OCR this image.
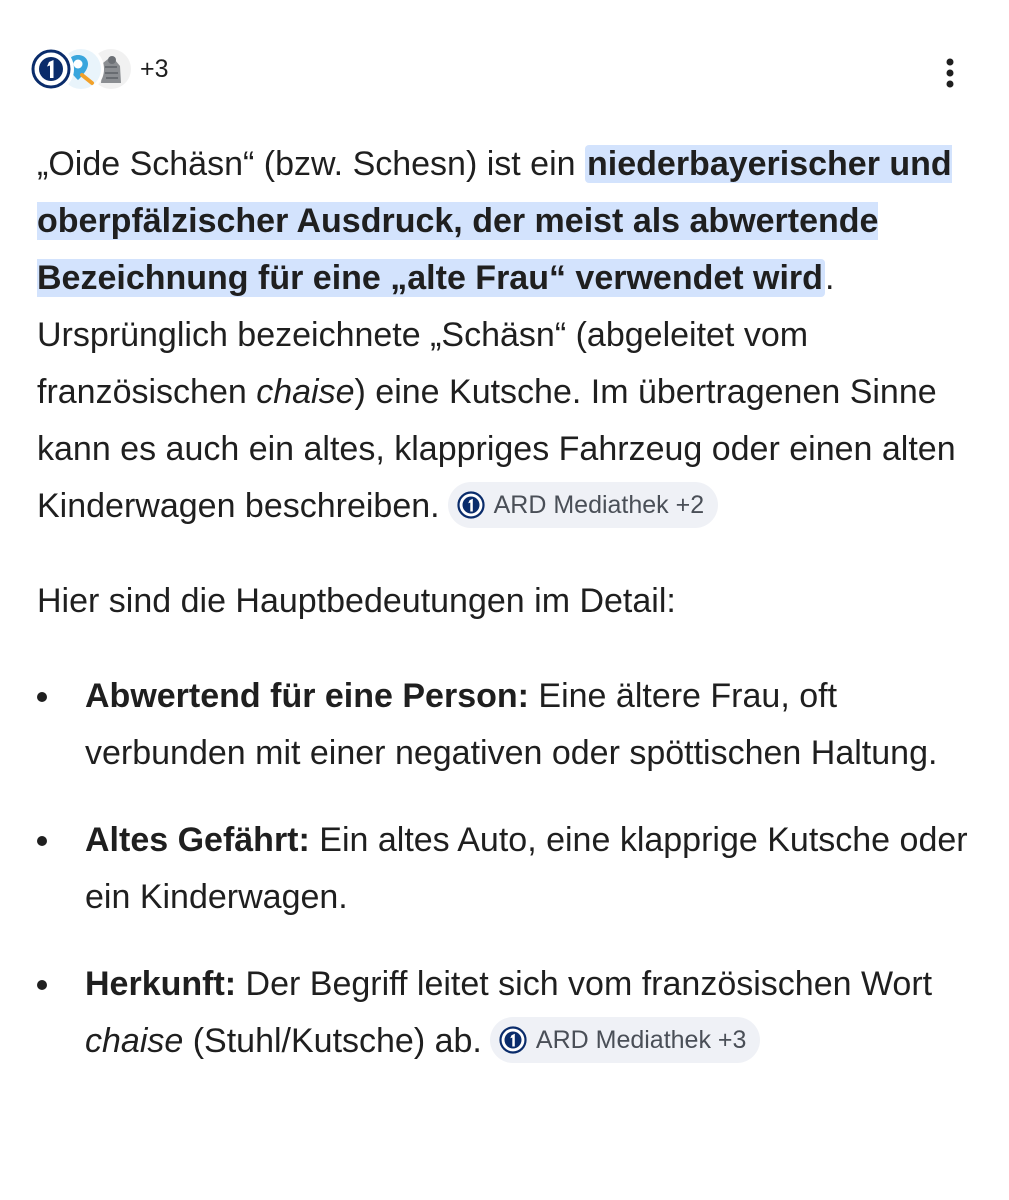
+3

„Oide Schäsn“ (bzw. Schesn) ist ein niederbayerischer und oberpfälzischer Ausdruck, der meist als abwertende Bezeichnung für eine „alte Frau“ verwendet wird. Ursprünglich bezeichnete „Schäsn“ (abgeleitet vom französischen chaise) eine Kutsche. Im übertragenen Sinne kann es auch ein altes, klappriges Fahrzeug oder einen alten Kinderwagen beschreiben. ARD Mediathek +2

Hier sind die Hauptbedeutungen im Detail:

Abwertend für eine Person: Eine ältere Frau, oft verbunden mit einer negativen oder spöttischen Haltung.
Altes Gefährt: Ein altes Auto, eine klapprige Kutsche oder ein Kinderwagen.
Herkunft: Der Begriff leitet sich vom französischen Wort chaise (Stuhl/Kutsche) ab. ARD Mediathek +3
